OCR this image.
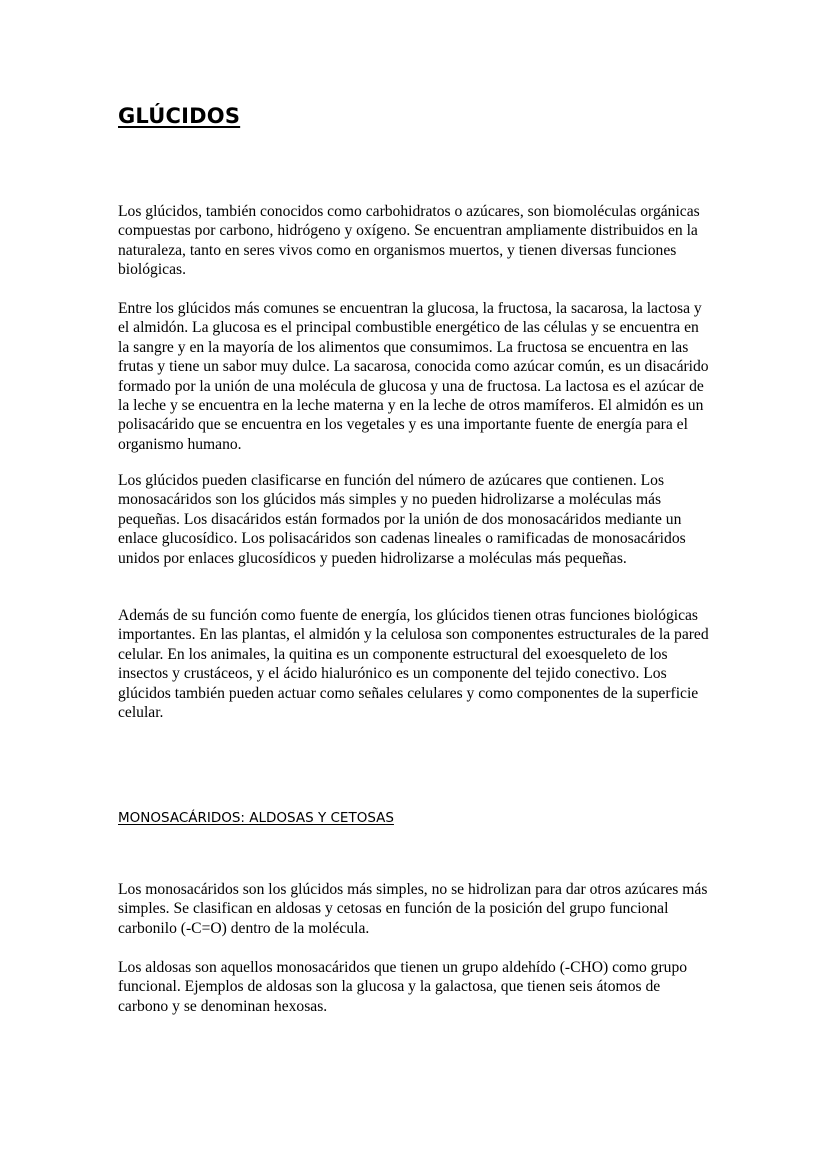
GLÚCIDOS

Los glúcidos, también conocidos como carbohidratos o azúcares, son biomoléculas orgánicas compuestas por carbono, hidrógeno y oxígeno. Se encuentran ampliamente distribuidos en la naturaleza, tanto en seres vivos como en organismos muertos, y tienen diversas funciones biológicas.

Entre los glúcidos más comunes se encuentran la glucosa, la fructosa, la sacarosa, la lactosa y el almidón. La glucosa es el principal combustible energético de las células y se encuentra en la sangre y en la mayoría de los alimentos que consumimos. La fructosa se encuentra en las frutas y tiene un sabor muy dulce. La sacarosa, conocida como azúcar común, es un disacárido formado por la unión de una molécula de glucosa y una de fructosa. La lactosa es el azúcar de la leche y se encuentra en la leche materna y en la leche de otros mamíferos. El almidón es un polisacárido que se encuentra en los vegetales y es una importante fuente de energía para el organismo humano.

Los glúcidos pueden clasificarse en función del número de azúcares que contienen. Los monosacáridos son los glúcidos más simples y no pueden hidrolizarse a moléculas más pequeñas. Los disacáridos están formados por la unión de dos monosacáridos mediante un enlace glucosídico. Los polisacáridos son cadenas lineales o ramificadas de monosacáridos unidos por enlaces glucosídicos y pueden hidrolizarse a moléculas más pequeñas.

Además de su función como fuente de energía, los glúcidos tienen otras funciones biológicas importantes. En las plantas, el almidón y la celulosa son componentes estructurales de la pared celular. En los animales, la quitina es un componente estructural del exoesqueleto de los insectos y crustáceos, y el ácido hialurónico es un componente del tejido conectivo. Los glúcidos también pueden actuar como señales celulares y como componentes de la superficie celular.

MONOSACÁRIDOS: ALDOSAS Y CETOSAS

Los monosacáridos son los glúcidos más simples, no se hidrolizan para dar otros azúcares más simples. Se clasifican en aldosas y cetosas en función de la posición del grupo funcional carbonilo (-C=O) dentro de la molécula.

Los aldosas son aquellos monosacáridos que tienen un grupo aldehído (-CHO) como grupo funcional. Ejemplos de aldosas son la glucosa y la galactosa, que tienen seis átomos de carbono y se denominan hexosas.
